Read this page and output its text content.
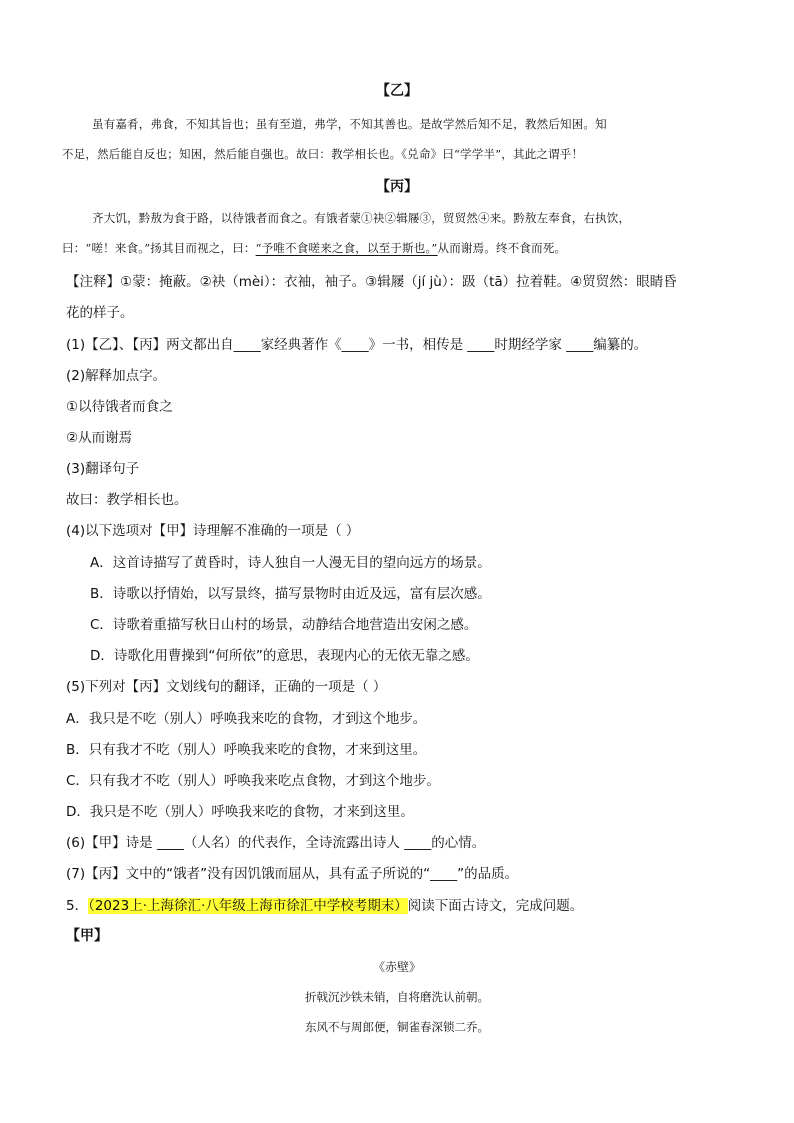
【乙】
虽有嘉肴，弗食，不知其旨也；虽有至道，弗学，不知其善也。是故学然后知不足，教然后知困。知
不足，然后能自反也；知困，然后能自强也。故曰：教学相长也。《兑命》曰“学学半”，其此之谓乎！
【丙】
齐大饥，黔敖为食于路，以待饿者而食之。有饿者蒙①袂②辑屦③，贸贸然④来。黔敖左奉食，右执饮，
曰：“嗟！来食。”扬其目而视之，曰：“予唯不食嗟来之食，以至于斯也。”从而谢焉。终不食而死。
【注释】①蒙：掩蔽。②袂（mèi）：衣袖，袖子。③辑屦（jí jù）：趿（tā）拉着鞋。④贸贸然：眼睛昏
花的样子。
(1)【乙】、【丙】两文都出自____家经典著作《____》一书，相传是 ____时期经学家 ____编纂的。
(2)解释加点字。
①以待饿者而食之
②从而谢焉
(3)翻译句子
故曰：教学相长也。
(4)以下选项对【甲】诗理解不准确的一项是（ ）
A．这首诗描写了黄昏时，诗人独自一人漫无目的望向远方的场景。
B．诗歌以抒情始，以写景终，描写景物时由近及远，富有层次感。
C．诗歌着重描写秋日山村的场景，动静结合地营造出安闲之感。
D．诗歌化用曹操到“何所依”的意思，表现内心的无依无靠之感。
(5)下列对【丙】文划线句的翻译，正确的一项是（ ）
A．我只是不吃（别人）呼唤我来吃的食物，才到这个地步。
B．只有我才不吃（别人）呼唤我来吃的食物，才来到这里。
C．只有我才不吃（别人）呼唤我来吃点食物，才到这个地步。
D．我只是不吃（别人）呼唤我来吃的食物，才来到这里。
(6)【甲】诗是 ____（人名）的代表作，全诗流露出诗人 ____的心情。
(7)【丙】文中的“饿者”没有因饥饿而屈从，具有孟子所说的“____”的品质。
5．（2023上·上海徐汇·八年级上海市徐汇中学校考期末）阅读下面古诗文，完成问题。
【甲】
《赤壁》
折戟沉沙铁未销，自将磨洗认前朝。
东风不与周郎便，铜雀春深锁二乔。
